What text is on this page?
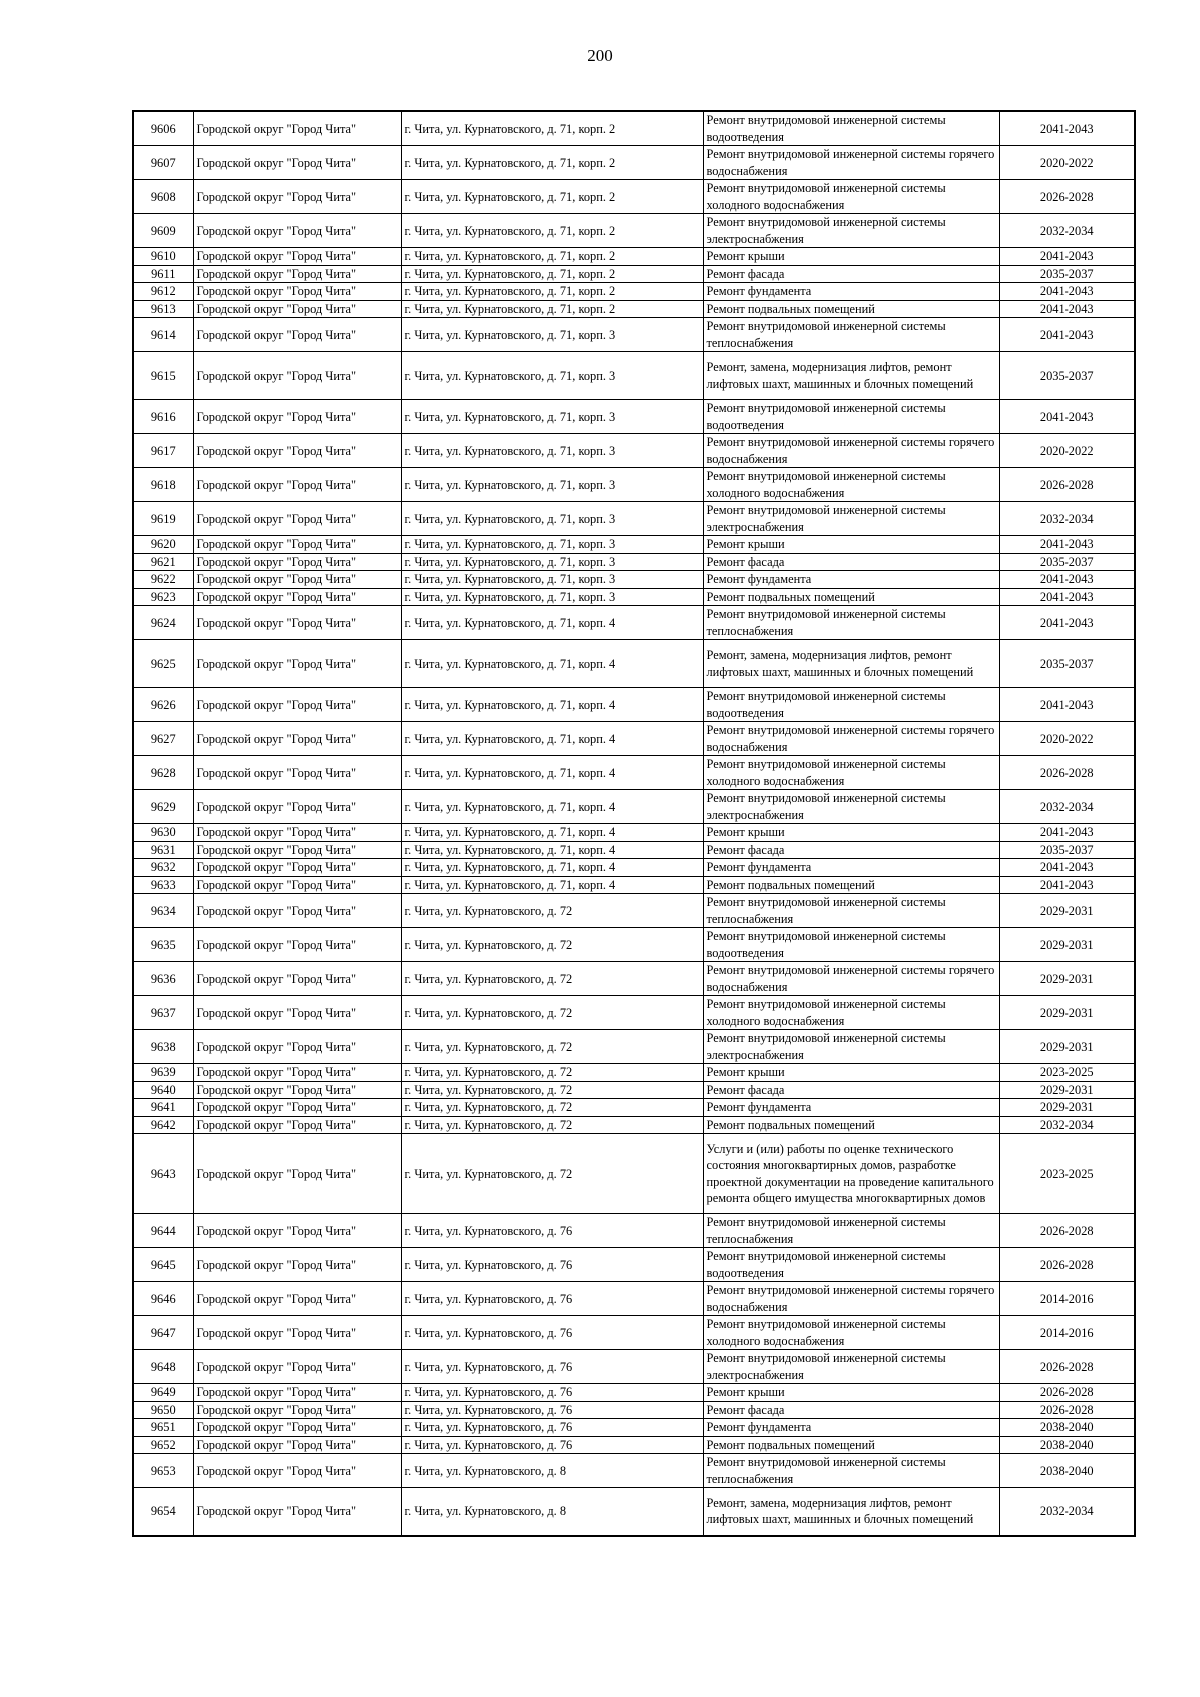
200
9606	Городской округ "Город Чита"	г. Чита, ул. Курнатовского, д. 71, корп. 2	Ремонт внутридомовой инженерной системы водоотведения	2041-2043
9607	Городской округ "Город Чита"	г. Чита, ул. Курнатовского, д. 71, корп. 2	Ремонт внутридомовой инженерной системы горячего водоснабжения	2020-2022
9608	Городской округ "Город Чита"	г. Чита, ул. Курнатовского, д. 71, корп. 2	Ремонт внутридомовой инженерной системы холодного водоснабжения	2026-2028
9609	Городской округ "Город Чита"	г. Чита, ул. Курнатовского, д. 71, корп. 2	Ремонт внутридомовой инженерной системы электроснабжения	2032-2034
9610	Городской округ "Город Чита"	г. Чита, ул. Курнатовского, д. 71, корп. 2	Ремонт крыши	2041-2043
9611	Городской округ "Город Чита"	г. Чита, ул. Курнатовского, д. 71, корп. 2	Ремонт фасада	2035-2037
9612	Городской округ "Город Чита"	г. Чита, ул. Курнатовского, д. 71, корп. 2	Ремонт фундамента	2041-2043
9613	Городской округ "Город Чита"	г. Чита, ул. Курнатовского, д. 71, корп. 2	Ремонт подвальных помещений	2041-2043
9614	Городской округ "Город Чита"	г. Чита, ул. Курнатовского, д. 71, корп. 3	Ремонт внутридомовой инженерной системы теплоснабжения	2041-2043
9615	Городской округ "Город Чита"	г. Чита, ул. Курнатовского, д. 71, корп. 3	Ремонт, замена, модернизация лифтов, ремонт лифтовых шахт, машинных и блочных помещений	2035-2037
9616	Городской округ "Город Чита"	г. Чита, ул. Курнатовского, д. 71, корп. 3	Ремонт внутридомовой инженерной системы водоотведения	2041-2043
9617	Городской округ "Город Чита"	г. Чита, ул. Курнатовского, д. 71, корп. 3	Ремонт внутридомовой инженерной системы горячего водоснабжения	2020-2022
9618	Городской округ "Город Чита"	г. Чита, ул. Курнатовского, д. 71, корп. 3	Ремонт внутридомовой инженерной системы холодного водоснабжения	2026-2028
9619	Городской округ "Город Чита"	г. Чита, ул. Курнатовского, д. 71, корп. 3	Ремонт внутридомовой инженерной системы электроснабжения	2032-2034
9620	Городской округ "Город Чита"	г. Чита, ул. Курнатовского, д. 71, корп. 3	Ремонт крыши	2041-2043
9621	Городской округ "Город Чита"	г. Чита, ул. Курнатовского, д. 71, корп. 3	Ремонт фасада	2035-2037
9622	Городской округ "Город Чита"	г. Чита, ул. Курнатовского, д. 71, корп. 3	Ремонт фундамента	2041-2043
9623	Городской округ "Город Чита"	г. Чита, ул. Курнатовского, д. 71, корп. 3	Ремонт подвальных помещений	2041-2043
9624	Городской округ "Город Чита"	г. Чита, ул. Курнатовского, д. 71, корп. 4	Ремонт внутридомовой инженерной системы теплоснабжения	2041-2043
9625	Городской округ "Город Чита"	г. Чита, ул. Курнатовского, д. 71, корп. 4	Ремонт, замена, модернизация лифтов, ремонт лифтовых шахт, машинных и блочных помещений	2035-2037
9626	Городской округ "Город Чита"	г. Чита, ул. Курнатовского, д. 71, корп. 4	Ремонт внутридомовой инженерной системы водоотведения	2041-2043
9627	Городской округ "Город Чита"	г. Чита, ул. Курнатовского, д. 71, корп. 4	Ремонт внутридомовой инженерной системы горячего водоснабжения	2020-2022
9628	Городской округ "Город Чита"	г. Чита, ул. Курнатовского, д. 71, корп. 4	Ремонт внутридомовой инженерной системы холодного водоснабжения	2026-2028
9629	Городской округ "Город Чита"	г. Чита, ул. Курнатовского, д. 71, корп. 4	Ремонт внутридомовой инженерной системы электроснабжения	2032-2034
9630	Городской округ "Город Чита"	г. Чита, ул. Курнатовского, д. 71, корп. 4	Ремонт крыши	2041-2043
9631	Городской округ "Город Чита"	г. Чита, ул. Курнатовского, д. 71, корп. 4	Ремонт фасада	2035-2037
9632	Городской округ "Город Чита"	г. Чита, ул. Курнатовского, д. 71, корп. 4	Ремонт фундамента	2041-2043
9633	Городской округ "Город Чита"	г. Чита, ул. Курнатовского, д. 71, корп. 4	Ремонт подвальных помещений	2041-2043
9634	Городской округ "Город Чита"	г. Чита, ул. Курнатовского, д. 72	Ремонт внутридомовой инженерной системы теплоснабжения	2029-2031
9635	Городской округ "Город Чита"	г. Чита, ул. Курнатовского, д. 72	Ремонт внутридомовой инженерной системы водоотведения	2029-2031
9636	Городской округ "Город Чита"	г. Чита, ул. Курнатовского, д. 72	Ремонт внутридомовой инженерной системы горячего водоснабжения	2029-2031
9637	Городской округ "Город Чита"	г. Чита, ул. Курнатовского, д. 72	Ремонт внутридомовой инженерной системы холодного водоснабжения	2029-2031
9638	Городской округ "Город Чита"	г. Чита, ул. Курнатовского, д. 72	Ремонт внутридомовой инженерной системы электроснабжения	2029-2031
9639	Городской округ "Город Чита"	г. Чита, ул. Курнатовского, д. 72	Ремонт крыши	2023-2025
9640	Городской округ "Город Чита"	г. Чита, ул. Курнатовского, д. 72	Ремонт фасада	2029-2031
9641	Городской округ "Город Чита"	г. Чита, ул. Курнатовского, д. 72	Ремонт фундамента	2029-2031
9642	Городской округ "Город Чита"	г. Чита, ул. Курнатовского, д. 72	Ремонт подвальных помещений	2032-2034
9643	Городской округ "Город Чита"	г. Чита, ул. Курнатовского, д. 72	Услуги и (или) работы по оценке технического состояния многоквартирных домов, разработке проектной документации на проведение капитального ремонта общего имущества многоквартирных домов	2023-2025
9644	Городской округ "Город Чита"	г. Чита, ул. Курнатовского, д. 76	Ремонт внутридомовой инженерной системы теплоснабжения	2026-2028
9645	Городской округ "Город Чита"	г. Чита, ул. Курнатовского, д. 76	Ремонт внутридомовой инженерной системы водоотведения	2026-2028
9646	Городской округ "Город Чита"	г. Чита, ул. Курнатовского, д. 76	Ремонт внутридомовой инженерной системы горячего водоснабжения	2014-2016
9647	Городской округ "Город Чита"	г. Чита, ул. Курнатовского, д. 76	Ремонт внутридомовой инженерной системы холодного водоснабжения	2014-2016
9648	Городской округ "Город Чита"	г. Чита, ул. Курнатовского, д. 76	Ремонт внутридомовой инженерной системы электроснабжения	2026-2028
9649	Городской округ "Город Чита"	г. Чита, ул. Курнатовского, д. 76	Ремонт крыши	2026-2028
9650	Городской округ "Город Чита"	г. Чита, ул. Курнатовского, д. 76	Ремонт фасада	2026-2028
9651	Городской округ "Город Чита"	г. Чита, ул. Курнатовского, д. 76	Ремонт фундамента	2038-2040
9652	Городской округ "Город Чита"	г. Чита, ул. Курнатовского, д. 76	Ремонт подвальных помещений	2038-2040
9653	Городской округ "Город Чита"	г. Чита, ул. Курнатовского, д. 8	Ремонт внутридомовой инженерной системы теплоснабжения	2038-2040
9654	Городской округ "Город Чита"	г. Чита, ул. Курнатовского, д. 8	Ремонт, замена, модернизация лифтов, ремонт лифтовых шахт, машинных и блочных помещений	2032-2034
